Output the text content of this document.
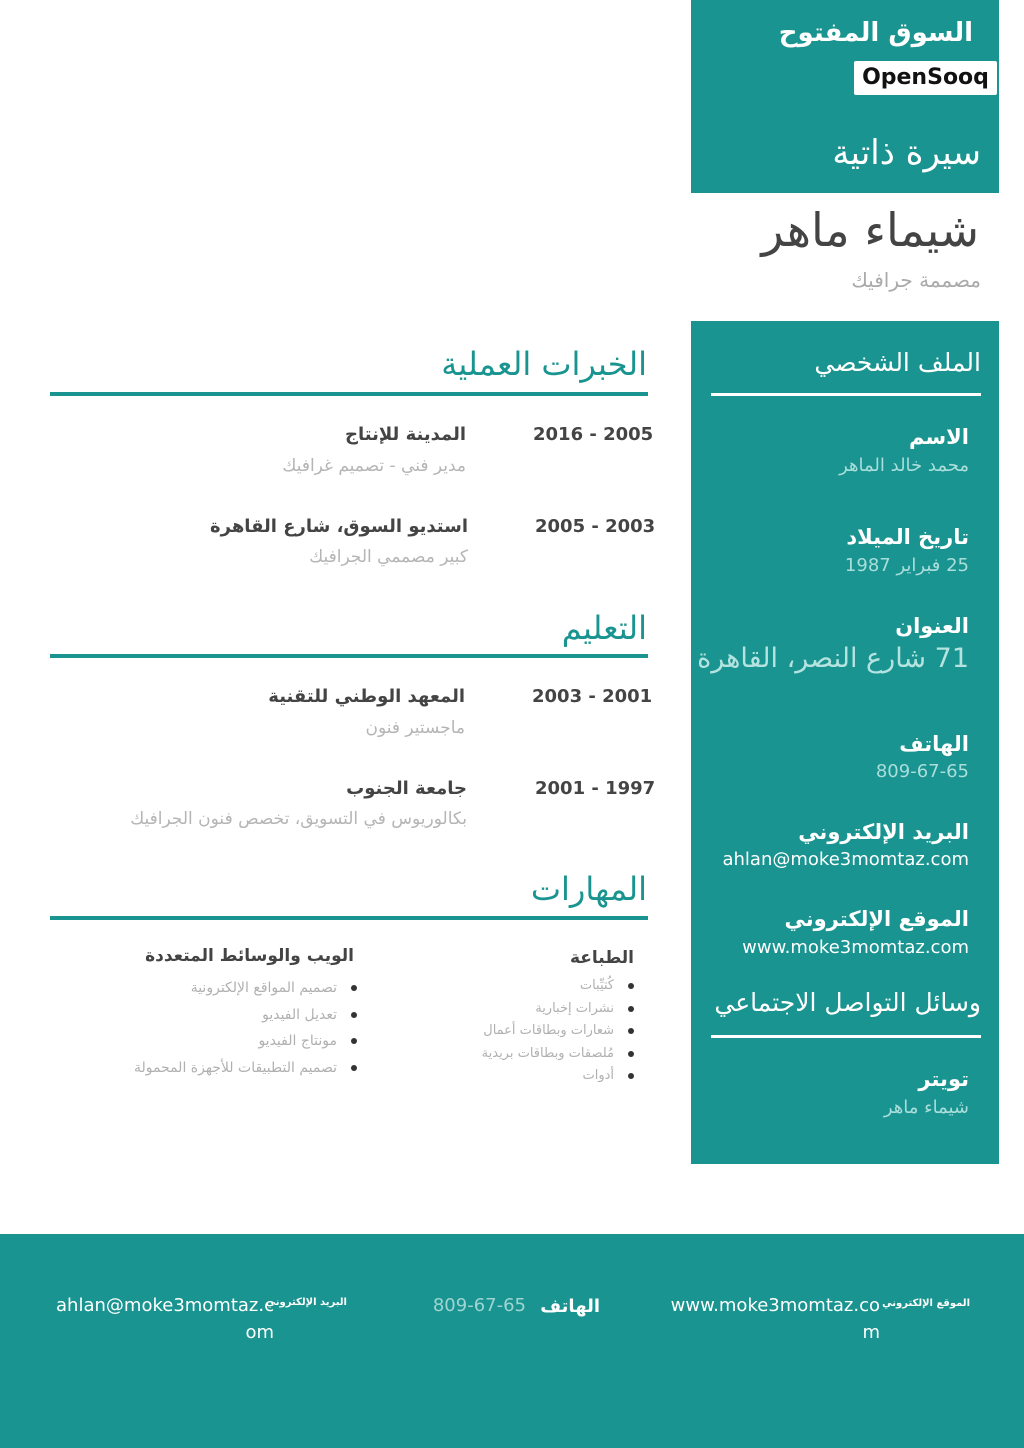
السوق المفتوح
OpenSooq
سيرة ذاتية
شيماء ماهر
مصممة جرافيك
الملف الشخصي
الاسم
محمد خالد الماهر
تاريخ الميلاد
25 فبراير 1987
العنوان
71 شارع النصر، القاهرة
الهاتف
809-67-65
البريد الإلكتروني
ahlan@moke3momtaz.com
الموقع الإلكتروني
www.moke3momtaz.com
وسائل التواصل الاجتماعي
تويتر
شيماء ماهر
الخبرات العملية
2016 - 2005
المدينة للإنتاج
مدير فني - تصميم غرافيك
2005 - 2003
استديو السوق، شارع القاهرة
كبير مصممي الجرافيك
التعليم
2003 - 2001
المعهد الوطني للتقنية
ماجستير فنون
2001 - 1997
جامعة الجنوب
بكالوريوس في التسويق، تخصص فنون الجرافيك
المهارات
الطباعة
كُتيِّبات
نشرات إخبارية
شعارات وبطاقات أعمال
مُلصقات وبطاقات بريدية
أدوات
الويب والوسائط المتعددة
تصميم المواقع الإلكترونية
تعديل الفيديو
مونتاج الفيديو
تصميم التطبيقات للأجهزة المحمولة
الموقع الإلكتروني
www.moke3momtaz.com
الهاتف
809-67-65
البريد الإلكتروني
ahlan@moke3momtaz.com
